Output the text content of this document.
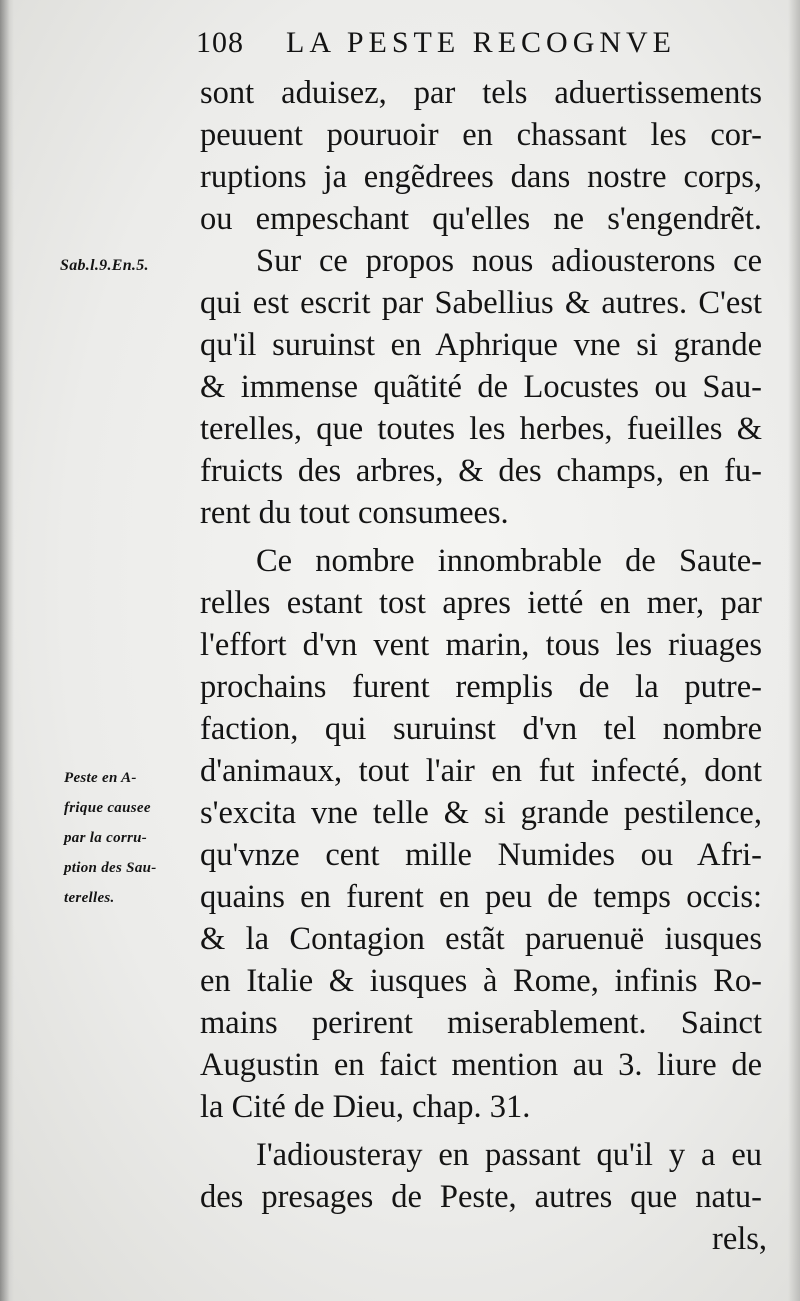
108 LA PESTE RECOGNVE
Sab.l.9.En.5.
Peste en A-
frique causee
par la corru-
ption des Sau-
terelles.
sont aduisez, par tels aduertissements
peuuent pouruoir en chassant les cor-
ruptions ja engẽdrees dans nostre corps,
ou empeschant qu'elles ne s'engendrẽt.
Sur ce propos nous adiousterons ce
qui est escrit par Sabellius & autres. C'est
qu'il suruinst en Aphrique vne si grande
& immense quãtité de Locustes ou Sau-
terelles, que toutes les herbes, fueilles &
fruicts des arbres, & des champs, en fu-
rent du tout consumees.
Ce nombre innombrable de Saute-
relles estant tost apres ietté en mer, par
l'effort d'vn vent marin, tous les riuages
prochains furent remplis de la putre-
faction, qui suruinst d'vn tel nombre
d'animaux, tout l'air en fut infecté, dont
s'excita vne telle & si grande pestilence,
qu'vnze cent mille Numides ou Afri-
quains en furent en peu de temps occis:
& la Contagion estãt paruenuë iusques
en Italie & iusques à Rome, infinis Ro-
mains perirent miserablement. Sainct
Augustin en faict mention au 3. liure de
la Cité de Dieu, chap. 31.
I'adiousteray en passant qu'il y a eu
des presages de Peste, autres que natu-
rels,
